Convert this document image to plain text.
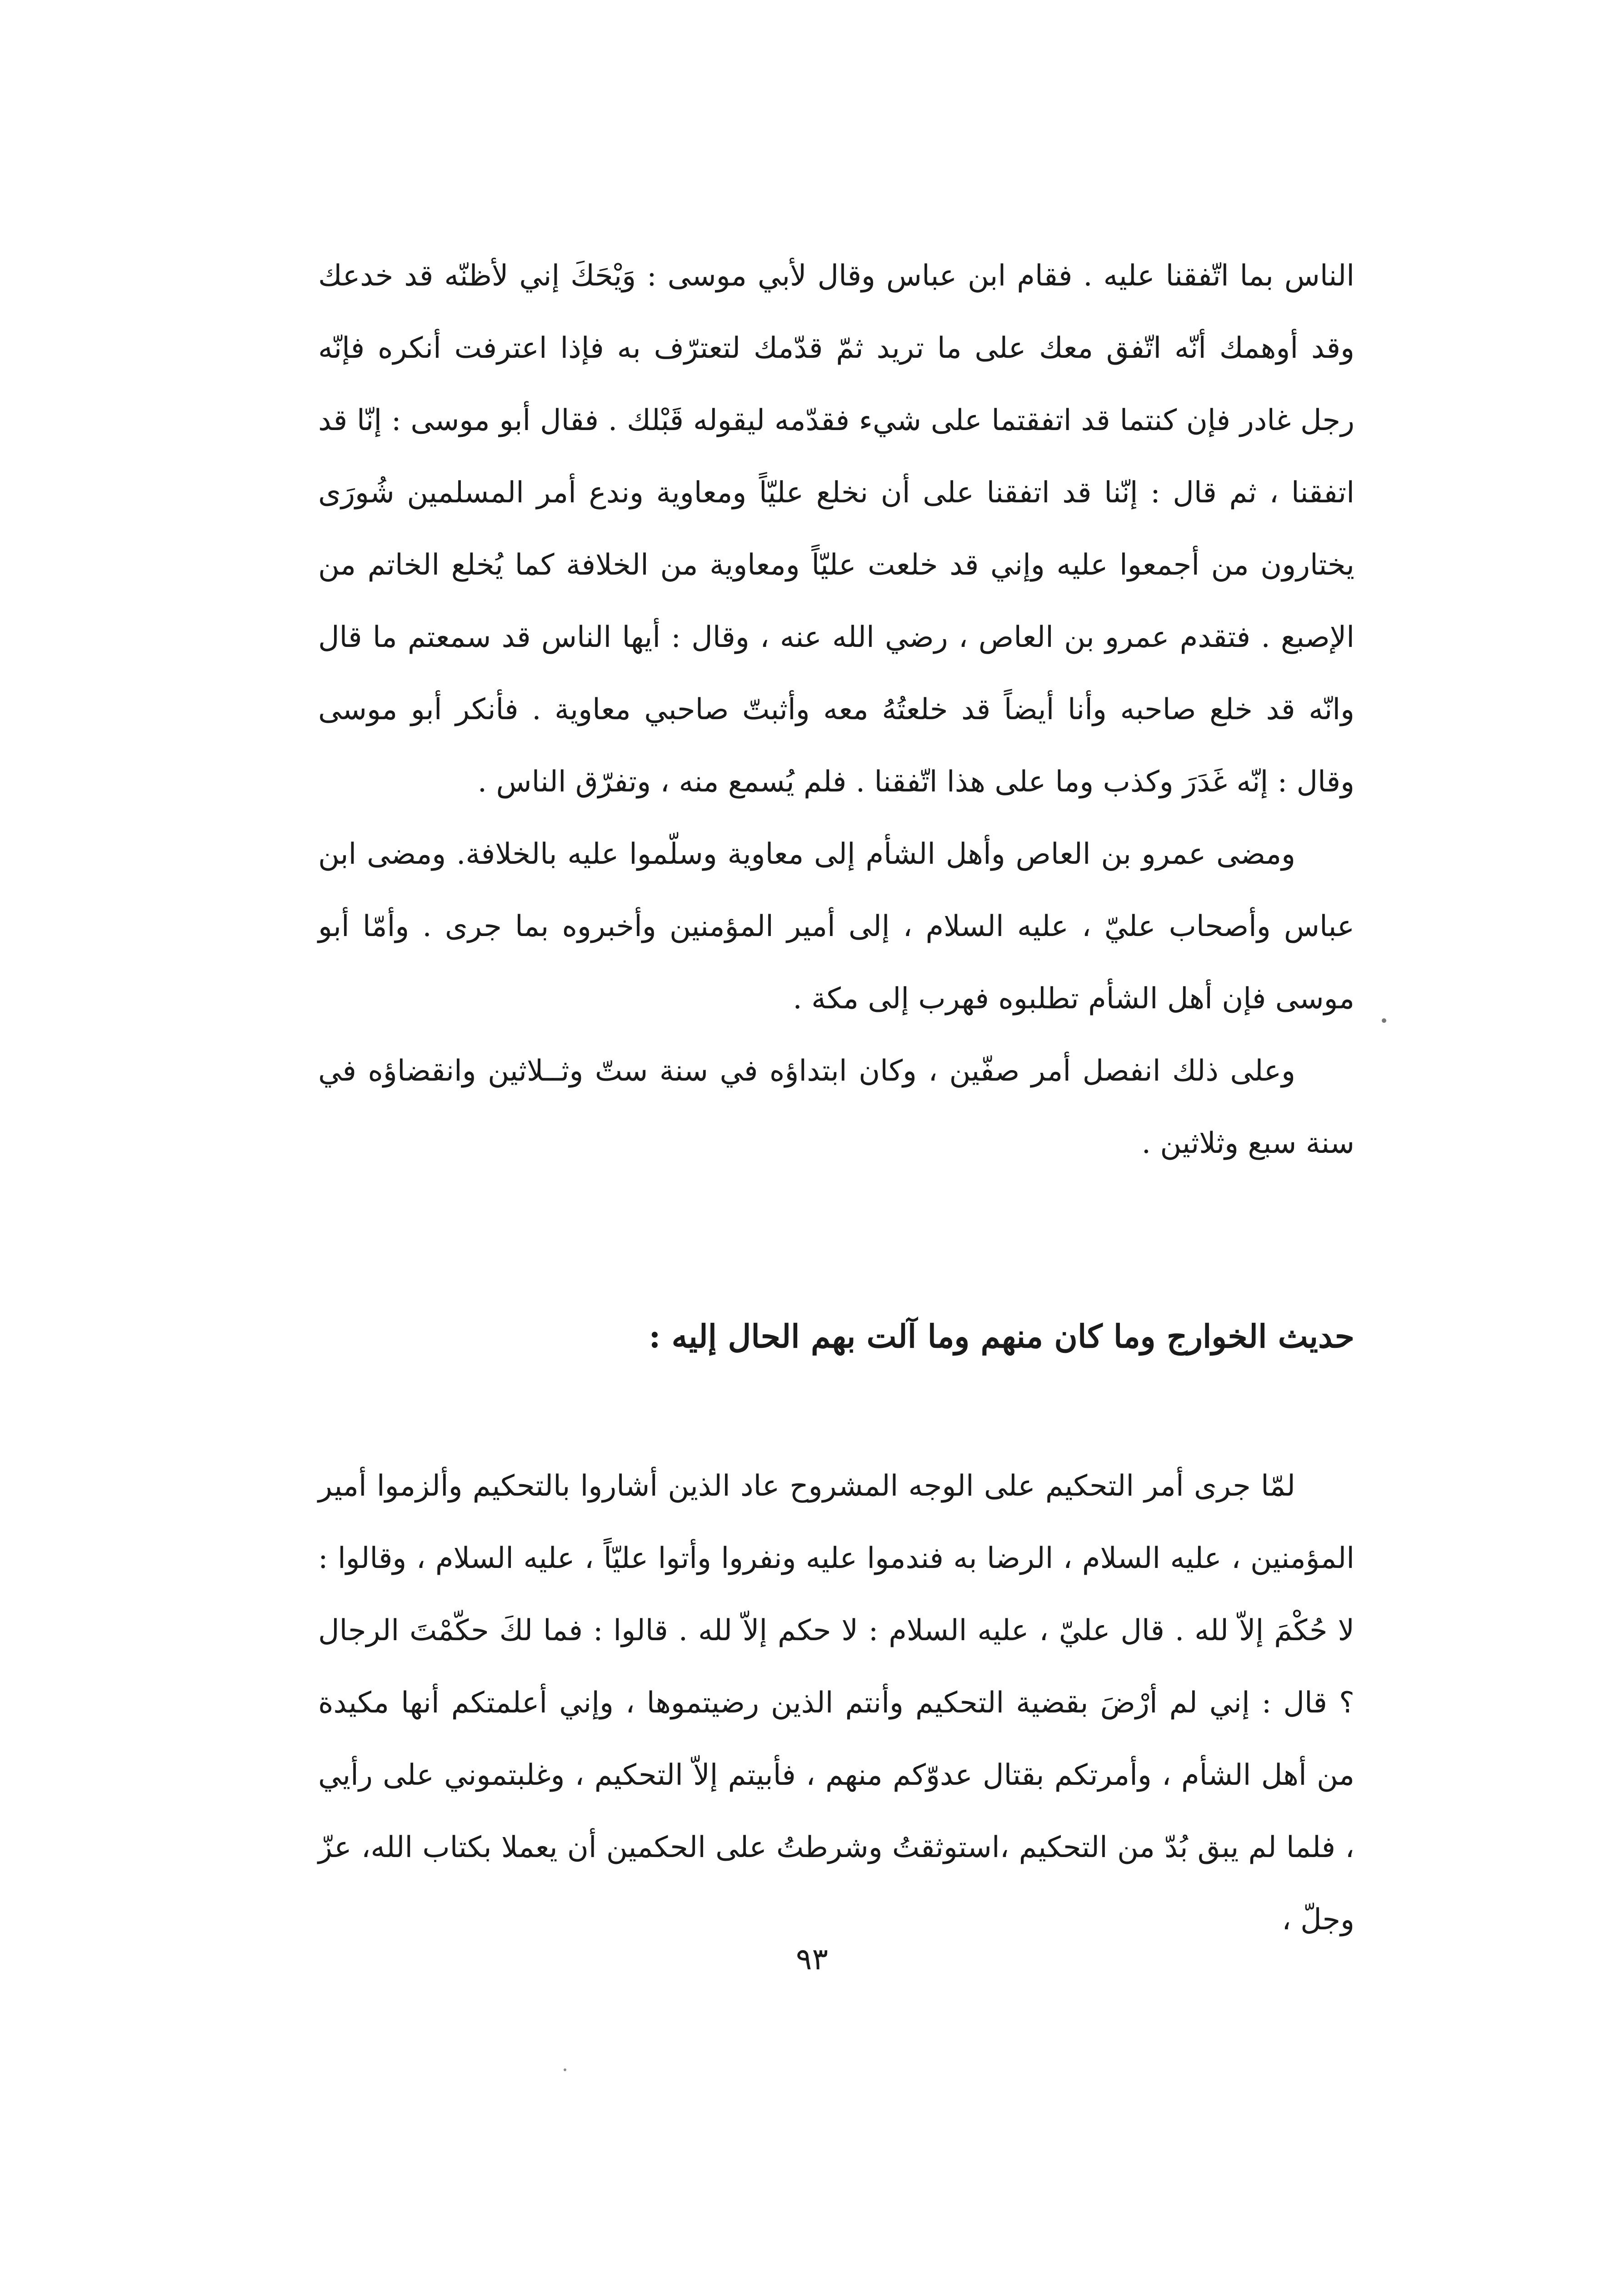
الناس بما اتّفقنا عليه . فقام ابن عباس وقال لأبي موسى : وَيْحَكَ إني لأظنّه قد خدعك وقد أوهمك أنّه اتّفق معك على ما تريد ثمّ قدّمك لتعترّف به فإذا اعترفت أنكره فإنّه رجل غادر فإن كنتما قد اتفقتما على شيء فقدّمه ليقوله قَبْلك . فقال أبو موسى : إنّا قد اتفقنا ، ثم قال : إنّنا قد اتفقنا على أن نخلع عليّاً ومعاوية وندع أمر المسلمين شُورَى يختارون من أجمعوا عليه وإني قد خلعت عليّاً ومعاوية من الخلافة كما يُخلع الخاتم من الإصبع . فتقدم عمرو بن العاص ، رضي الله عنه ، وقال : أيها الناس قد سمعتم ما قال وانّه قد خلع صاحبه وأنا أيضاً قد خلعتُهُ معه وأثبتّ صاحبي معاوية . فأنكر أبو موسى وقال : إنّه غَدَرَ وكذب وما على هذا اتّفقنا . فلم يُسمع منه ، وتفرّق الناس .

ومضى عمرو بن العاص وأهل الشأم إلى معاوية وسلّموا عليه بالخلافة. ومضى ابن عباس وأصحاب عليّ ، عليه السلام ، إلى أمير المؤمنين وأخبروه بما جرى . وأمّا أبو موسى فإن أهل الشأم تطلبوه فهرب إلى مكة .

وعلى ذلك انفصل أمر صفّين ، وكان ابتداؤه في سنة ستّ وثــلاثين وانقضاؤه في سنة سبع وثلاثين .

حديث الخوارج وما كان منهم وما آلت بهم الحال إليه :

لمّا جرى أمر التحكيم على الوجه المشروح عاد الذين أشاروا بالتحكيم وألزموا أمير المؤمنين ، عليه السلام ، الرضا به فندموا عليه ونفروا وأتوا عليّاً ، عليه السلام ، وقالوا : لا حُكْمَ إلاّ لله . قال عليّ ، عليه السلام : لا حكم إلاّ لله . قالوا : فما لكَ حكّمْتَ الرجال ؟ قال : إني لم أرْضَ بقضية التحكيم وأنتم الذين رضيتموها ، وإني أعلمتكم أنها مكيدة من أهل الشأم ، وأمرتكم بقتال عدوّكم منهم ، فأبيتم إلاّ التحكيم ، وغلبتموني على رأيي ، فلما لم يبق بُدّ من التحكيم ،استوثقتُ وشرطتُ على الحكمين أن يعملا بكتاب الله، عزّ وجلّ ،

٩٣
